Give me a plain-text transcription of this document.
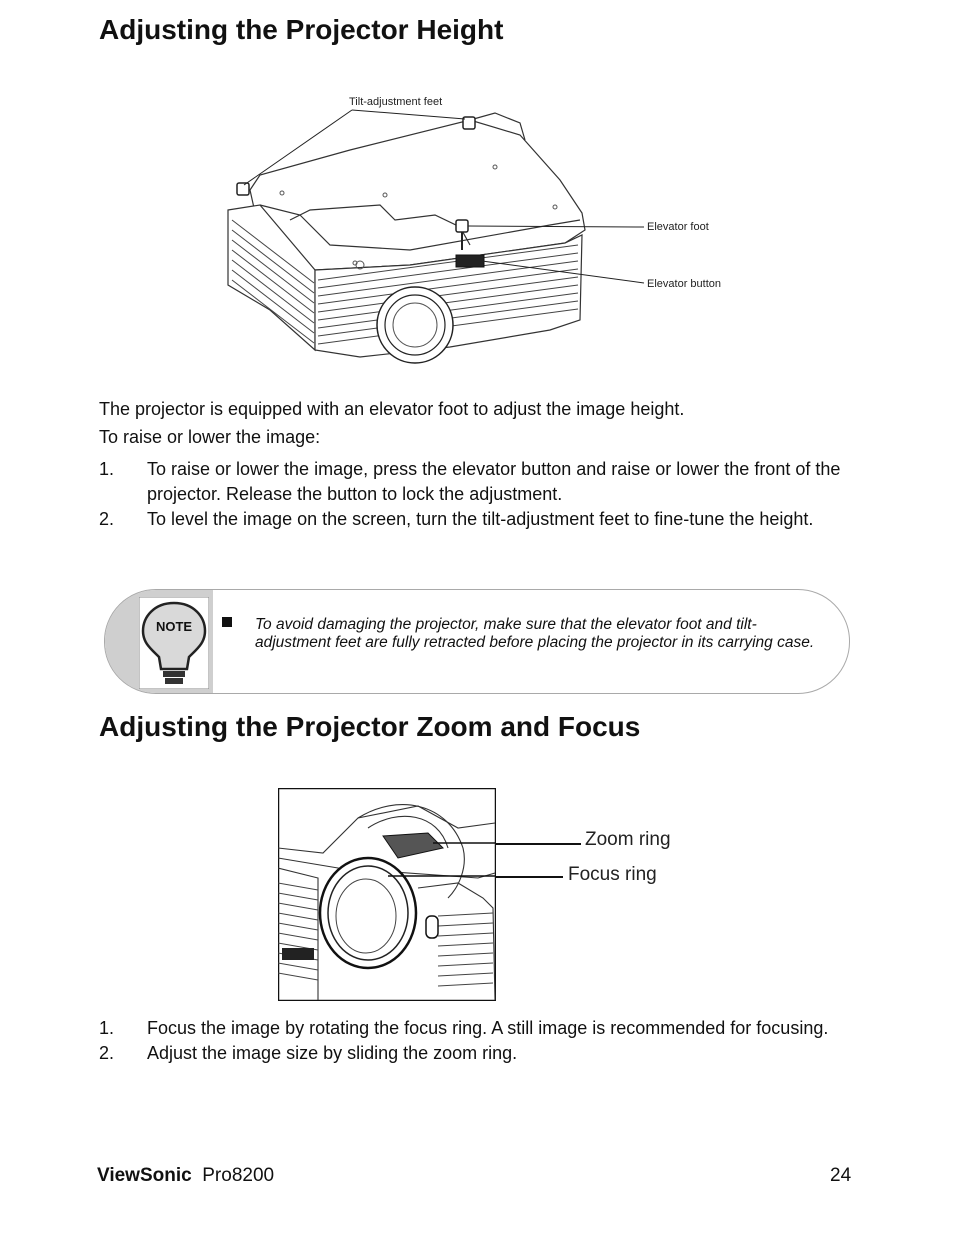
Adjusting the Projector Height
Tilt-adjustment feet
Elevator foot
Elevator button
The projector is equipped with an elevator foot to adjust the image height.
To raise or lower the image:
1. To raise or lower the image, press the elevator button and raise or lower the front of the projector. Release the button to lock the adjustment.
2. To level the image on the screen, turn the tilt-adjustment feet to fine-tune the height.
NOTE	To avoid damaging the projector, make sure that the elevator foot and tilt-adjustment feet are fully retracted before placing the projector in its carrying case.
Adjusting the Projector Zoom and Focus
Zoom ring
Focus ring
1. Focus the image by rotating the focus ring. A still image is recommended for focusing.
2. Adjust the image size by sliding the zoom ring.
ViewSonic Pro8200	24
